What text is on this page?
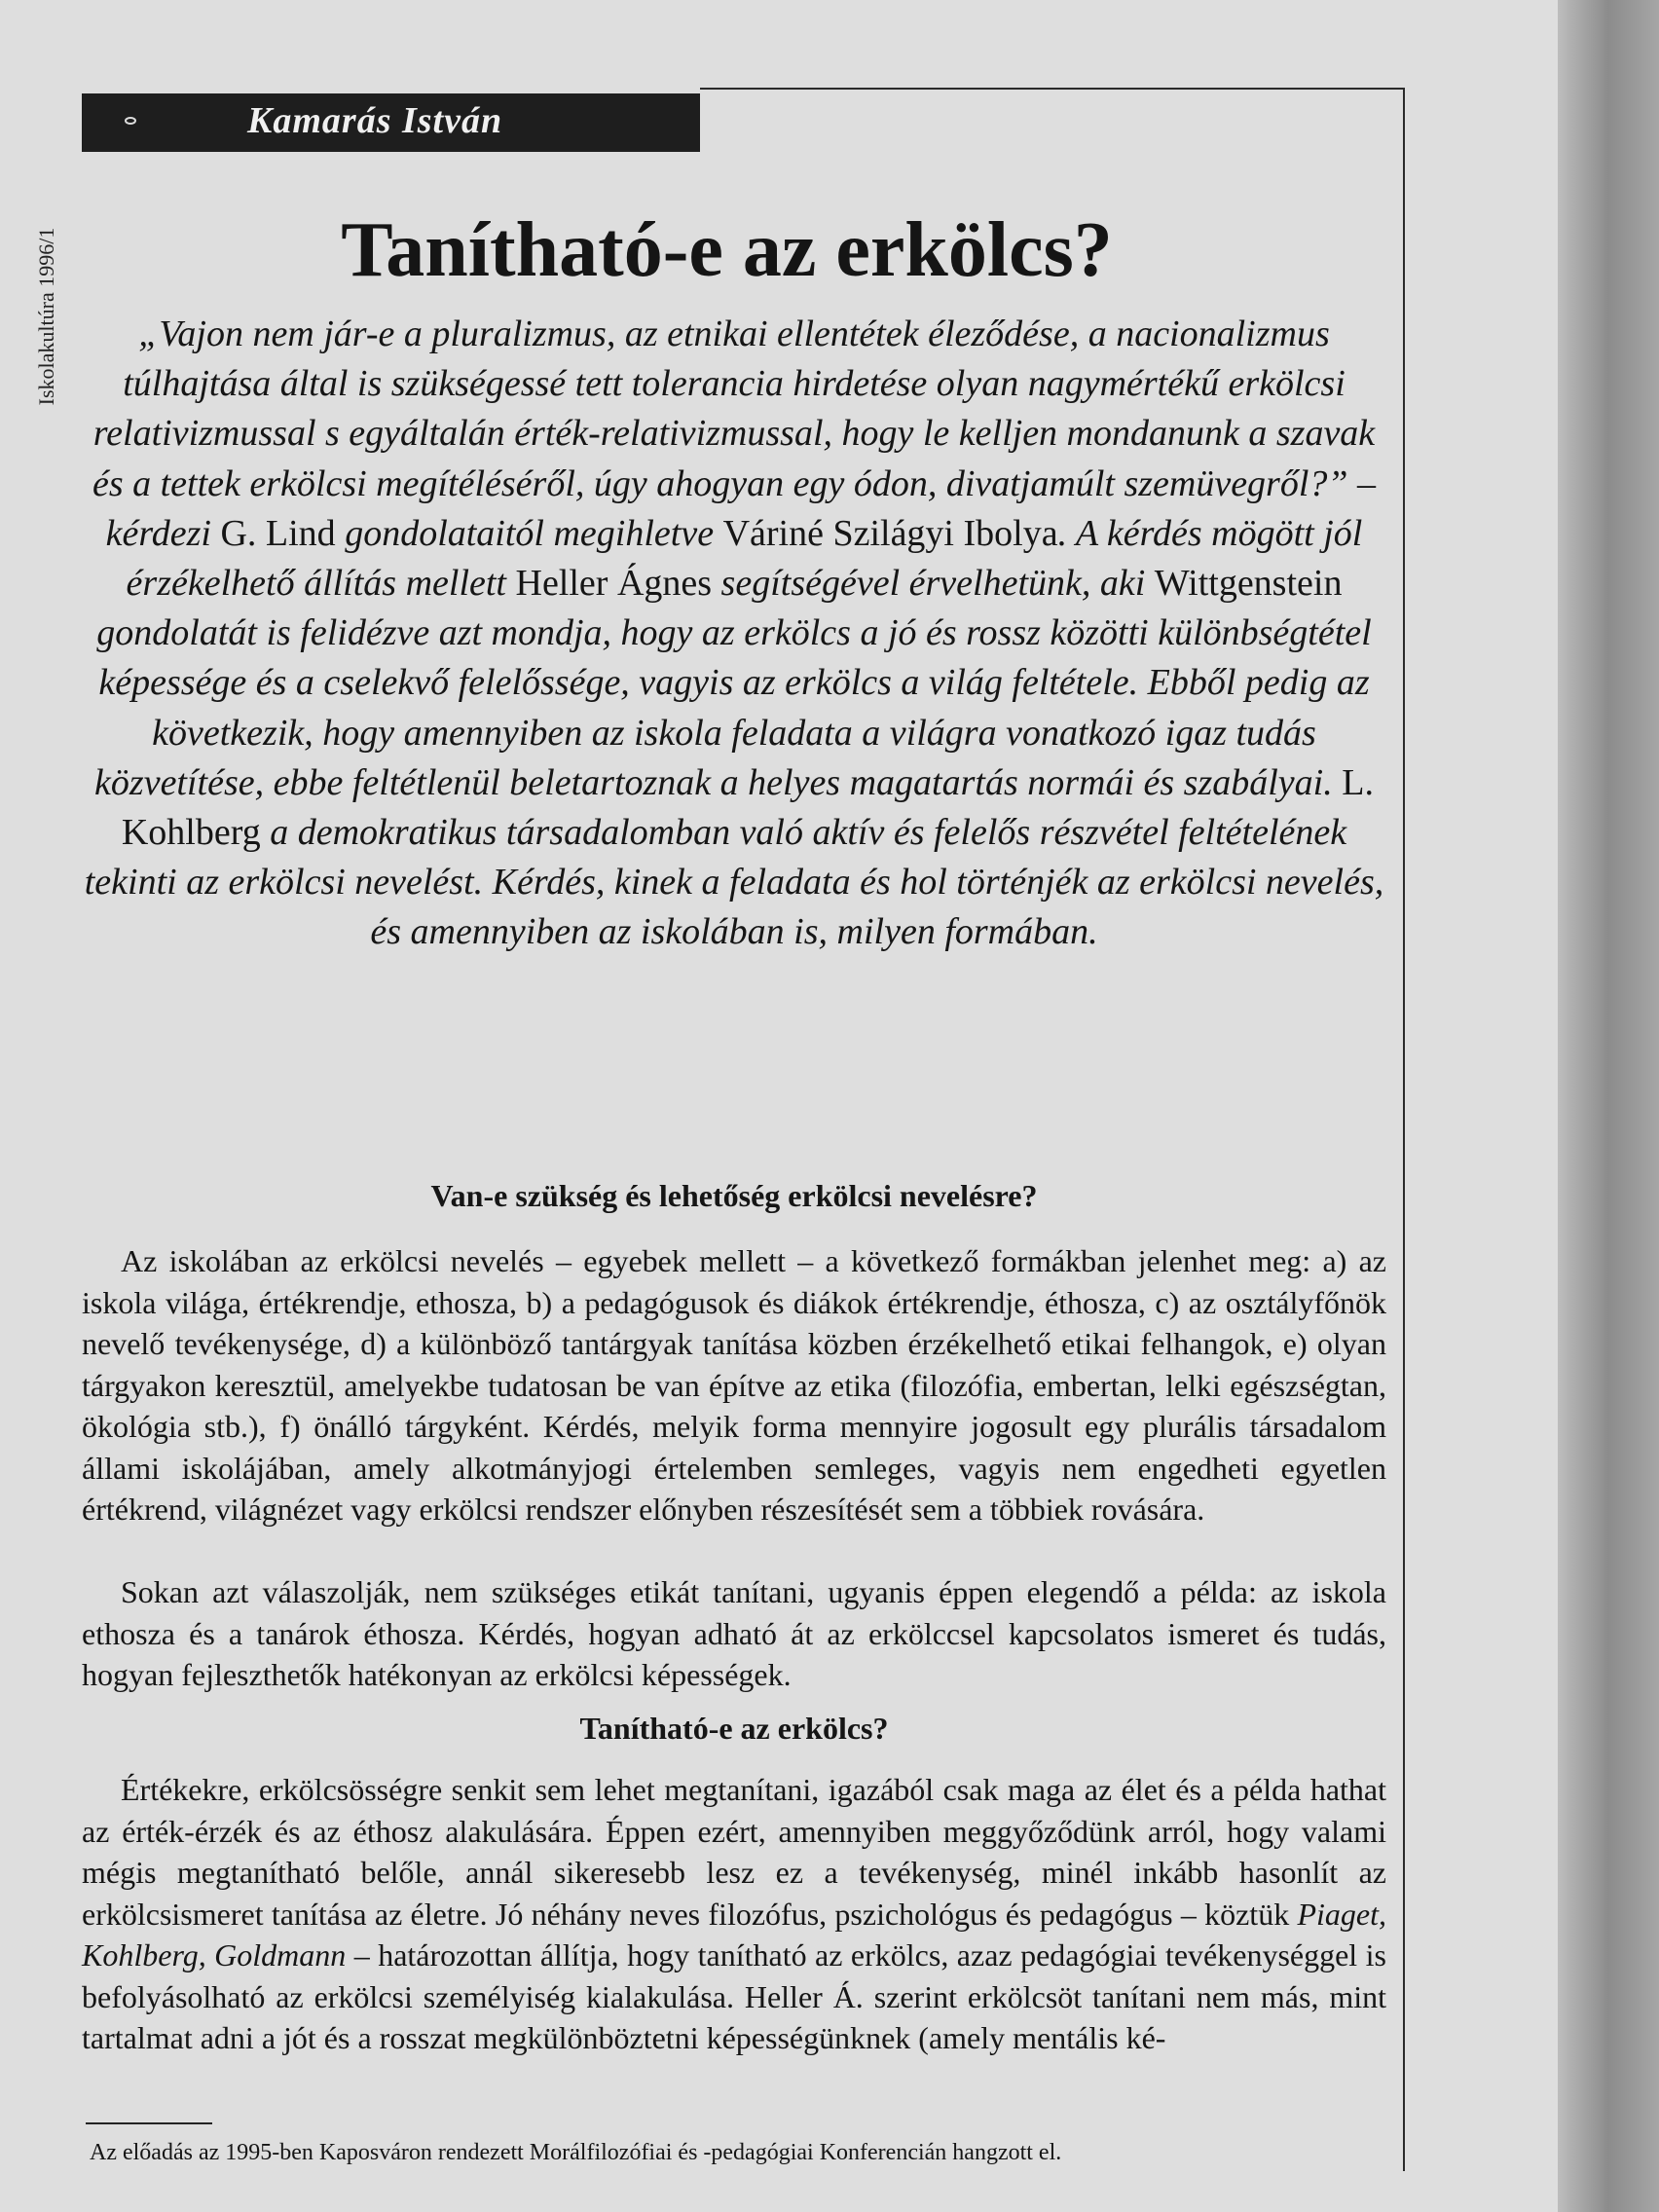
Iskolakultúra 1996/1
Kamarás István
Tanítható-e az erkölcs?
„Vajon nem jár-e a pluralizmus, az etnikai ellentétek éleződése, a nacionalizmus túlhajtása által is szükségessé tett tolerancia hirdetése olyan nagymértékű erkölcsi relativizmussal s egyáltalán érték-relativizmussal, hogy le kelljen mondanunk a szavak és a tettek erkölcsi megítéléséről, úgy ahogyan egy ódon, divatjamúlt szemüvegről?” – kérdezi G. Lind gondolataitól megihletve Váriné Szilágyi Ibolya. A kérdés mögött jól érzékelhető állítás mellett Heller Ágnes segítségével érvelhetünk, aki Wittgenstein gondolatát is felidézve azt mondja, hogy az erkölcs a jó és rossz közötti különbségtétel képessége és a cselekvő felelőssége, vagyis az erkölcs a világ feltétele. Ebből pedig az következik, hogy amennyiben az iskola feladata a világra vonatkozó igaz tudás közvetítése, ebbe feltétlenül beletartoznak a helyes magatartás normái és szabályai. L. Kohlberg a demokratikus társadalomban való aktív és felelős részvétel feltételének tekinti az erkölcsi nevelést. Kérdés, kinek a feladata és hol történjék az erkölcsi nevelés, és amennyiben az iskolában is, milyen formában.
Van-e szükség és lehetőség erkölcsi nevelésre?

Az iskolában az erkölcsi nevelés – egyebek mellett – a következő formákban jelenhet meg: a) az iskola világa, értékrendje, ethosza, b) a pedagógusok és diákok értékrendje, éthosza, c) az osztályfőnök nevelő tevékenysége, d) a különböző tantárgyak tanítása közben érzékelhető etikai felhangok, e) olyan tárgyakon keresztül, amelyekbe tudatosan be van építve az etika (filozófia, embertan, lelki egészségtan, ökológia stb.), f) önálló tárgyként. Kérdés, melyik forma mennyire jogosult egy plurális társadalom állami iskolájában, amely alkotmányjogi értelemben semleges, vagyis nem engedheti egyetlen értékrend, világnézet vagy erkölcsi rendszer előnyben részesítését sem a többiek rovására.

Sokan azt válaszolják, nem szükséges etikát tanítani, ugyanis éppen elegendő a példa: az iskola ethosza és a tanárok éthosza. Kérdés, hogyan adható át az erkölccsel kapcsolatos ismeret és tudás, hogyan fejleszthetők hatékonyan az erkölcsi képességek.

Tanítható-e az erkölcs?

Értékekre, erkölcsösségre senkit sem lehet megtanítani, igazából csak maga az élet és a példa hathat az érték-érzék és az éthosz alakulására. Éppen ezért, amennyiben meggyőződünk arról, hogy valami mégis megtanítható belőle, annál sikeresebb lesz ez a tevékenység, minél inkább hasonlít az erkölcsismeret tanítása az életre. Jó néhány neves filozófus, pszichológus és pedagógus – köztük Piaget, Kohlberg, Goldmann – határozottan állítja, hogy tanítható az erkölcs, azaz pedagógiai tevékenységgel is befolyásolható az erkölcsi személyiség kialakulása. Heller Á. szerint erkölcsöt tanítani nem más, mint tartalmat adni a jót és a rosszat megkülönböztetni képességünknek (amely mentális ké-

Az előadás az 1995-ben Kaposváron rendezett Morálfilozófiai és -pedagógiai Konferencián hangzott el.
